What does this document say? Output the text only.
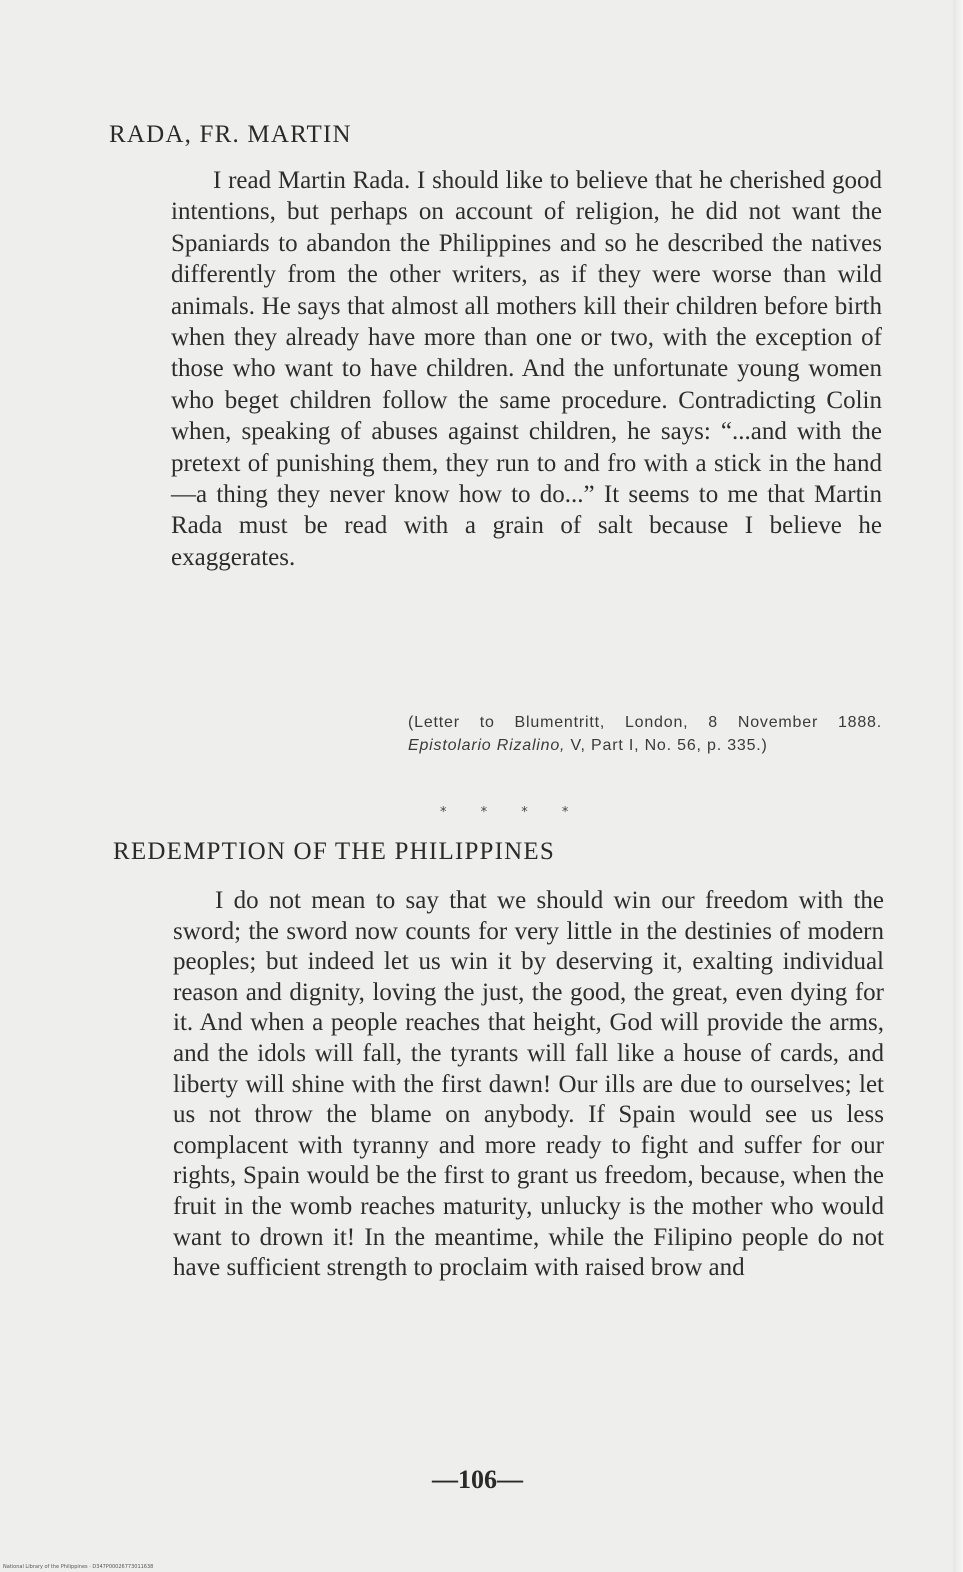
RADA, FR. MARTIN

I read Martin Rada. I should like to believe that he cherished good intentions, but perhaps on account of religion, he did not want the Spaniards to abandon the Philippines and so he described the natives differently from the other writers, as if they were worse than wild animals. He says that almost all mothers kill their children before birth when they already have more than one or two, with the exception of those who want to have children. And the unfortunate young women who beget children follow the same procedure. Contradicting Colin when, speaking of abuses against children, he says: “...and with the pretext of punishing them, they run to and fro with a stick in the hand —a thing they never know how to do...” It seems to me that Martin Rada must be read with a grain of salt because I believe he exaggerates.

(Letter to Blumentritt, London, 8 November 1888. Epistolario Rizalino, V, Part I, No. 56, p. 335.)
* * * *
REDEMPTION OF THE PHILIPPINES

I do not mean to say that we should win our freedom with the sword; the sword now counts for very little in the destinies of modern peoples; but indeed let us win it by deserving it, exalting individual reason and dignity, loving the just, the good, the great, even dying for it. And when a people reaches that height, God will provide the arms, and the idols will fall, the tyrants will fall like a house of cards, and liberty will shine with the first dawn! Our ills are due to ourselves; let us not throw the blame on anybody. If Spain would see us less complacent with tyranny and more ready to fight and suffer for our rights, Spain would be the first to grant us freedom, because, when the fruit in the womb reaches maturity, unlucky is the mother who would want to drown it! In the meantime, while the Filipino people do not have sufficient strength to proclaim with raised brow and

—106—
National Library of the Philippines · D347P00026773011638
